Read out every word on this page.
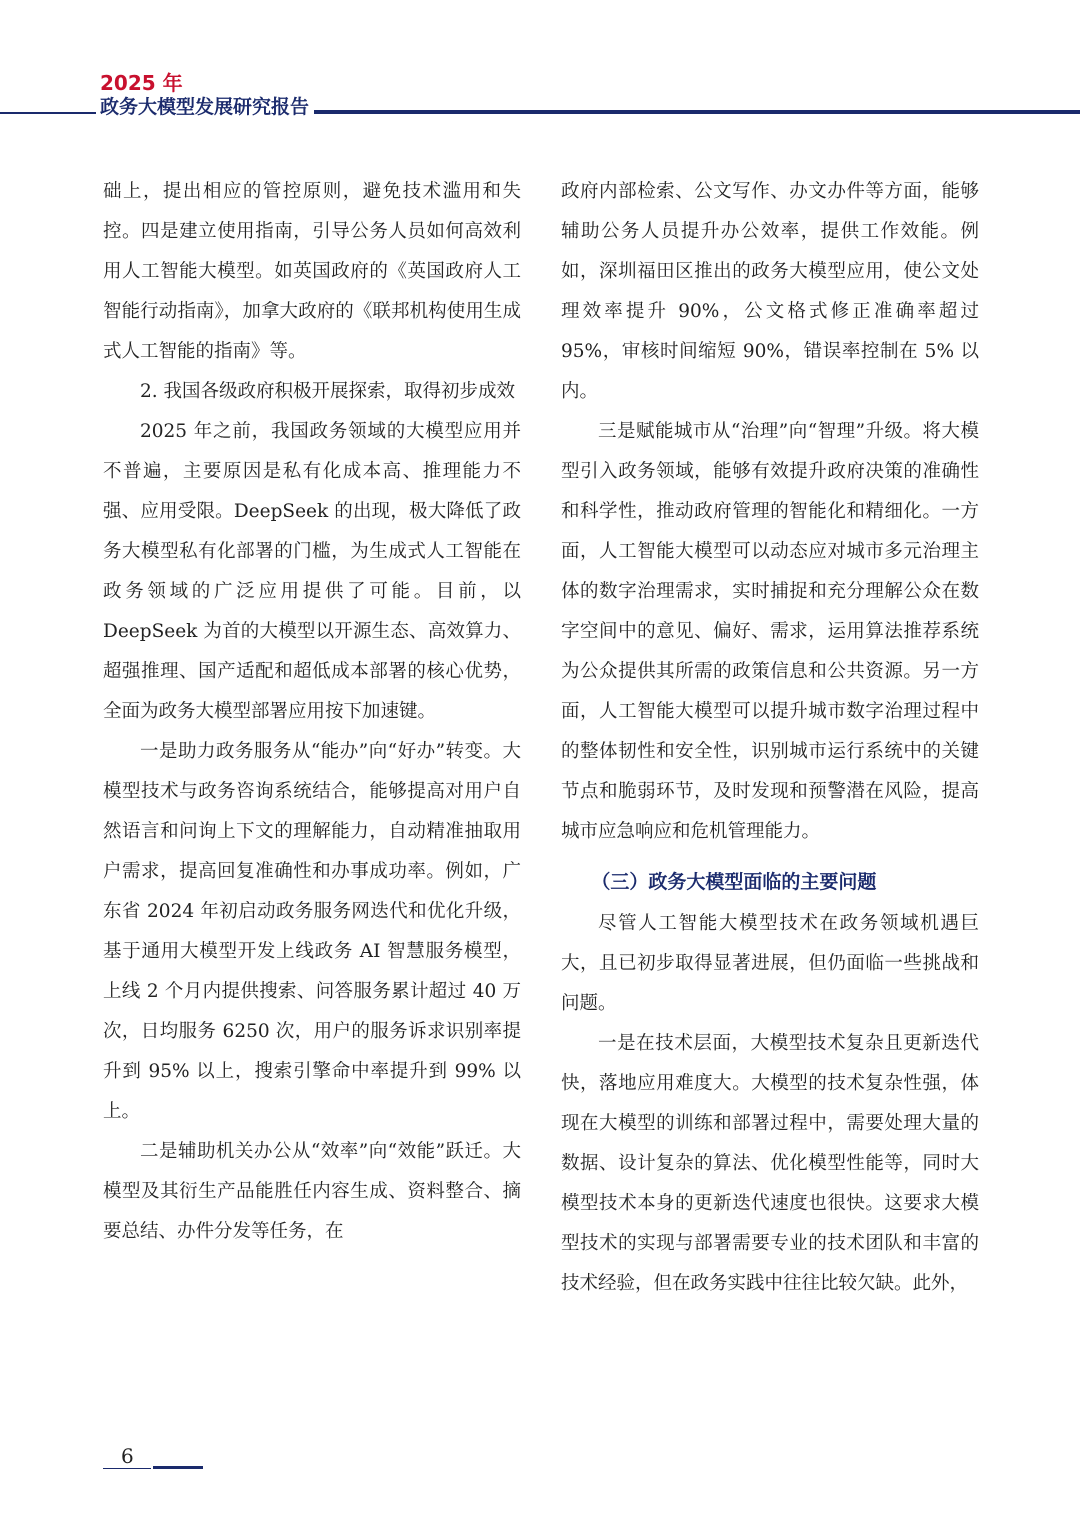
2025 年
政务大模型发展研究报告

础上，提出相应的管控原则，避免技术滥用和失控。四是建立使用指南，引导公务人员如何高效利用人工智能大模型。如英国政府的《英国政府人工智能行动指南》，加拿大政府的《联邦机构使用生成式人工智能的指南》等。

2. 我国各级政府积极开展探索，取得初步成效

2025 年之前，我国政务领域的大模型应用并不普遍，主要原因是私有化成本高、推理能力不强、应用受限。DeepSeek 的出现，极大降低了政务大模型私有化部署的门槛，为生成式人工智能在政务领域的广泛应用提供了可能。目前，以 DeepSeek 为首的大模型以开源生态、高效算力、超强推理、国产适配和超低成本部署的核心优势，全面为政务大模型部署应用按下加速键。

一是助力政务服务从“能办”向“好办”转变。大模型技术与政务咨询系统结合，能够提高对用户自然语言和问询上下文的理解能力，自动精准抽取用户需求，提高回复准确性和办事成功率。例如，广东省 2024 年初启动政务服务网迭代和优化升级，基于通用大模型开发上线政务 AI 智慧服务模型，上线 2 个月内提供搜索、问答服务累计超过 40 万次，日均服务 6250 次，用户的服务诉求识别率提升到 95% 以上，搜索引擎命中率提升到 99% 以上。

二是辅助机关办公从“效率”向“效能”跃迁。大模型及其衍生产品能胜任内容生成、资料整合、摘要总结、办件分发等任务，在

政府内部检索、公文写作、办文办件等方面，能够辅助公务人员提升办公效率，提供工作效能。例如，深圳福田区推出的政务大模型应用，使公文处理效率提升 90%，公文格式修正准确率超过 95%，审核时间缩短 90%，错误率控制在 5% 以内。

三是赋能城市从“治理”向“智理”升级。将大模型引入政务领域，能够有效提升政府决策的准确性和科学性，推动政府管理的智能化和精细化。一方面，人工智能大模型可以动态应对城市多元治理主体的数字治理需求，实时捕捉和充分理解公众在数字空间中的意见、偏好、需求，运用算法推荐系统为公众提供其所需的政策信息和公共资源。另一方面，人工智能大模型可以提升城市数字治理过程中的整体韧性和安全性，识别城市运行系统中的关键节点和脆弱环节，及时发现和预警潜在风险，提高城市应急响应和危机管理能力。

（三）政务大模型面临的主要问题

尽管人工智能大模型技术在政务领域机遇巨大，且已初步取得显著进展，但仍面临一些挑战和问题。

一是在技术层面，大模型技术复杂且更新迭代快，落地应用难度大。大模型的技术复杂性强，体现在大模型的训练和部署过程中，需要处理大量的数据、设计复杂的算法、优化模型性能等，同时大模型技术本身的更新迭代速度也很快。这要求大模型技术的实现与部署需要专业的技术团队和丰富的技术经验，但在政务实践中往往比较欠缺。此外，

6
